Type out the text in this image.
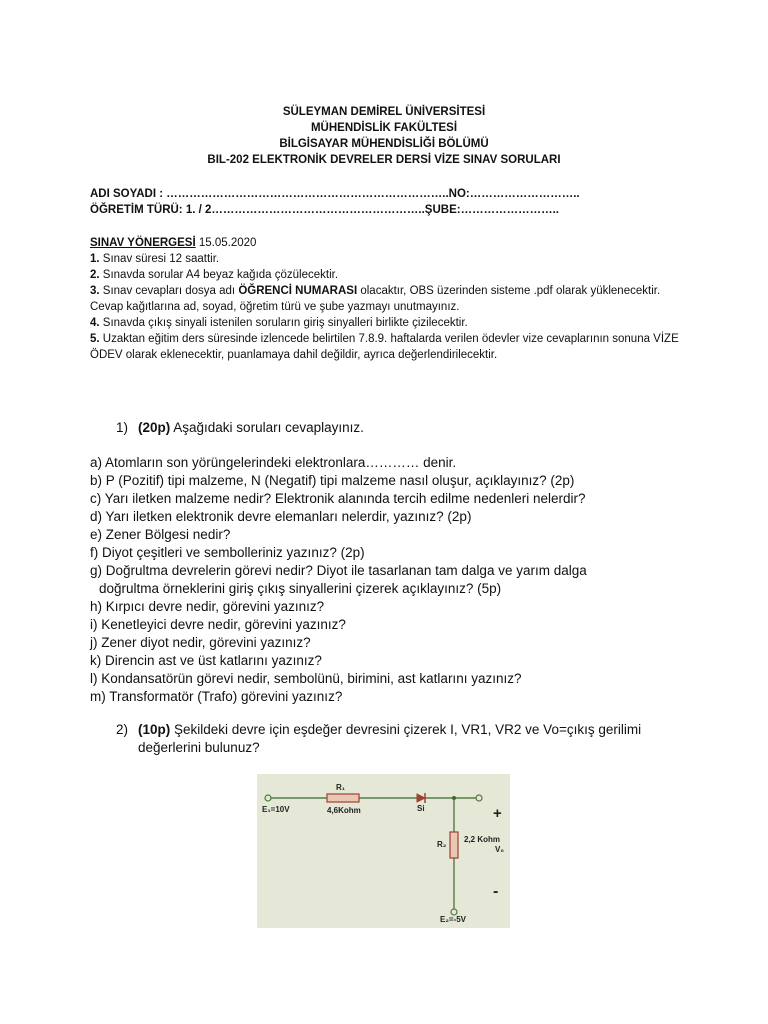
SÜLEYMAN DEMİREL ÜNİVERSİTESİ
MÜHENDİSLİK FAKÜLTESİ
BİLGİSAYAR MÜHENDİSLİĞİ BÖLÜMÜ
BIL-202 ELEKTRONİK DEVRELER DERSİ VİZE SINAV SORULARI
ADI SOYADI : ………………………………………………………………..NO:………………………..
ÖĞRETİM TÜRÜ: 1. / 2………………………………………………..ŞUBE:……………………..
SINAV YÖNERGESİ 15.05.2020
1. Sınav süresi 12 saattir.
2. Sınavda sorular A4 beyaz kağıda çözülecektir.
3. Sınav cevapları dosya adı ÖĞRENCİ NUMARASI olacaktır, OBS üzerinden sisteme .pdf olarak yüklenecektir. Cevap kağıtlarına ad, soyad, öğretim türü ve şube yazmayı unutmayınız.
4. Sınavda çıkış sinyali istenilen soruların giriş sinyalleri birlikte çizilecektir.
5. Uzaktan eğitim ders süresinde izlencede belirtilen 7.8.9. haftalarda verilen ödevler vize cevaplarının sonuna VİZE ÖDEV olarak eklenecektir, puanlamaya dahil değildir, ayrıca değerlendirilecektir.
1) (20p) Aşağıdaki soruları cevaplayınız.
a) Atomların son yörüngelerindeki elektronlara………… denir.
b) P (Pozitif) tipi malzeme, N (Negatif) tipi malzeme nasıl oluşur, açıklayınız? (2p)
c) Yarı iletken malzeme nedir? Elektronik alanında tercih edilme nedenleri nelerdir?
d) Yarı iletken elektronik devre elemanları nelerdir, yazınız? (2p)
e) Zener Bölgesi nedir?
f) Diyot çeşitleri ve sembolleriniz yazınız? (2p)
g) Doğrultma devrelerin görevi nedir? Diyot ile tasarlanan tam dalga ve yarım dalga
doğrultma örneklerini giriş çıkış sinyallerini çizerek açıklayınız? (5p)
h) Kırpıcı devre nedir, görevini yazınız?
i) Kenetleyici devre nedir, görevini yazınız?
j) Zener diyot nedir, görevini yazınız?
k) Direncin ast ve üst katlarını yazınız?
l) Kondansatörün görevi nedir, sembolünü, birimini, ast katlarını yazınız?
m) Transformatör (Trafo) görevini yazınız?
2) (10p) Şekildeki devre için eşdeğer devresini çizerek I, VR1, VR2 ve Vo=çıkış gerilimi
değerlerini bulunuz?
E₁=10V
R₁
4,6Kohm	Si	+
R₂
2,2 Kohm
V₀
-
E₂=-5V
